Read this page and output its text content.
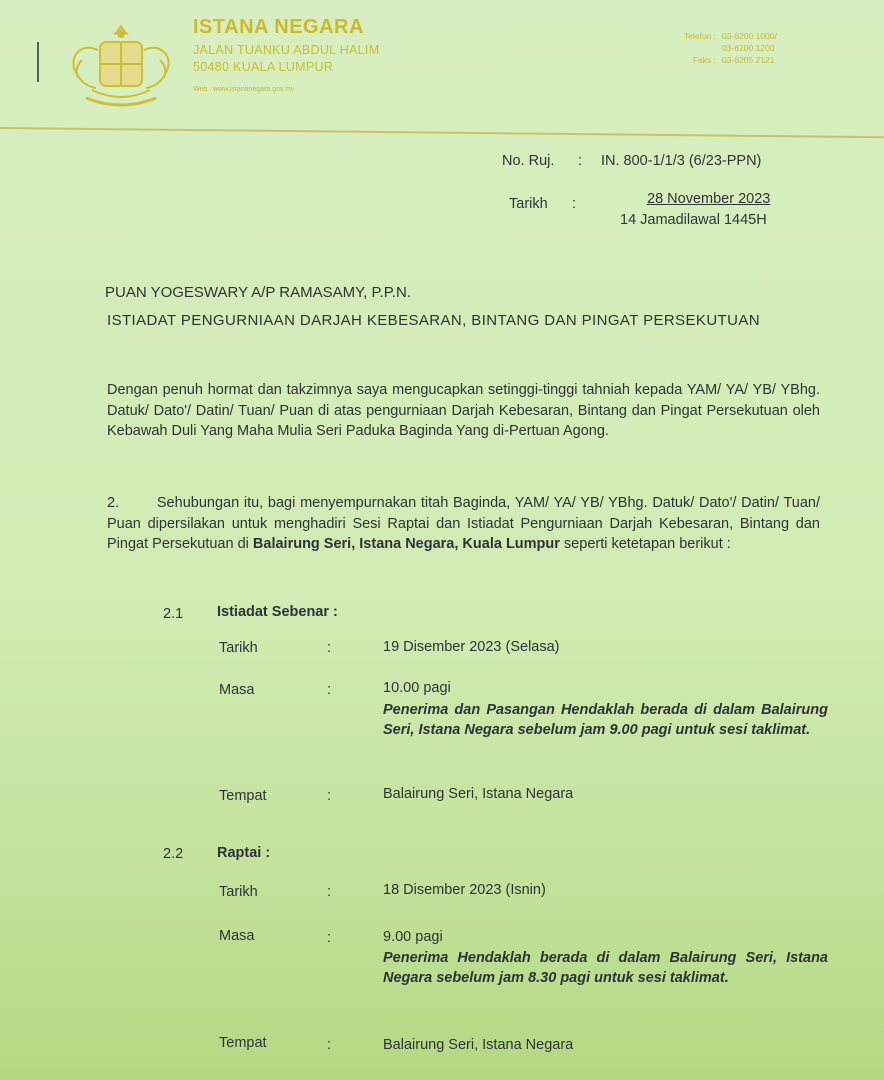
ISTANA NEGARA
JALAN TUANKU ABDUL HALIM
50480 KUALA LUMPUR
Web : www.istananegara.gov.my
Telefon : 03-6200 1000/
03-6200 1200
Faks : 03-6205 2121
No. Ruj. : IN. 800-1/1/3 (6/23-PPN)
Tarikh :	28 November 2023
14 Jamadilawal 1445H
PUAN YOGESWARY A/P RAMASAMY, P.P.N.
ISTIADAT PENGURNIAAN DARJAH KEBESARAN, BINTANG DAN PINGAT PERSEKUTUAN
Dengan penuh hormat dan takzimnya saya mengucapkan setinggi-tinggi tahniah kepada YAM/ YA/ YB/ YBhg. Datuk/ Dato'/ Datin/ Tuan/ Puan di atas pengurniaan Darjah Kebesaran, Bintang dan Pingat Persekutuan oleh Kebawah Duli Yang Maha Mulia Seri Paduka Baginda Yang di-Pertuan Agong.
2.	Sehubungan itu, bagi menyempurnakan titah Baginda, YAM/ YA/ YB/ YBhg. Datuk/ Dato'/ Datin/ Tuan/ Puan dipersilakan untuk menghadiri Sesi Raptai dan Istiadat Pengurniaan Darjah Kebesaran, Bintang dan Pingat Persekutuan di Balairung Seri, Istana Negara, Kuala Lumpur seperti ketetapan berikut :
2.1 Istiadat Sebenar :
Tarikh	:	19 Disember 2023 (Selasa)
Masa	:	10.00 pagi
Penerima dan Pasangan Hendaklah berada di dalam Balairung Seri, Istana Negara sebelum jam 9.00 pagi untuk sesi taklimat.
Tempat	:	Balairung Seri, Istana Negara
2.2 Raptai :
Tarikh	:	18 Disember 2023 (Isnin)
Masa	:	9.00 pagi
Penerima Hendaklah berada di dalam Balairung Seri, Istana Negara sebelum jam 8.30 pagi untuk sesi taklimat.
Tempat	:	Balairung Seri, Istana Negara
